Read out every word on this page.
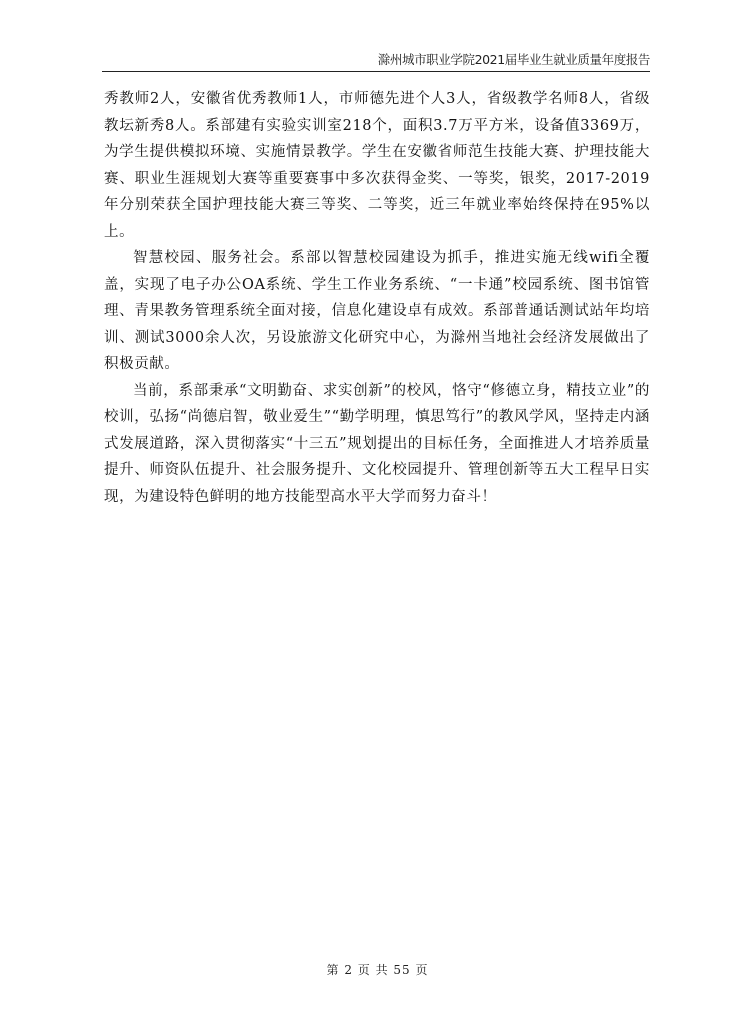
滁州城市职业学院2021届毕业生就业质量年度报告

秀教师2人，安徽省优秀教师1人，市师德先进个人3人，省级教学名师8人，省级教坛新秀8人。系部建有实验实训室218个，面积3.7万平方米，设备值3369万，为学生提供模拟环境、实施情景教学。学生在安徽省师范生技能大赛、护理技能大赛、职业生涯规划大赛等重要赛事中多次获得金奖、一等奖，银奖，2017-2019年分别荣获全国护理技能大赛三等奖、二等奖，近三年就业率始终保持在95%以上。

智慧校园、服务社会。系部以智慧校园建设为抓手，推进实施无线wifi全覆盖，实现了电子办公OA系统、学生工作业务系统、“一卡通”校园系统、图书馆管理、青果教务管理系统全面对接，信息化建设卓有成效。系部普通话测试站年均培训、测试3000余人次，另设旅游文化研究中心，为滁州当地社会经济发展做出了积极贡献。

当前，系部秉承“文明勤奋、求实创新”的校风，恪守“修德立身，精技立业”的校训，弘扬“尚德启智，敬业爱生”“勤学明理，慎思笃行”的教风学风，坚持走内涵式发展道路，深入贯彻落实“十三五”规划提出的目标任务，全面推进人才培养质量提升、师资队伍提升、社会服务提升、文化校园提升、管理创新等五大工程早日实现，为建设特色鲜明的地方技能型高水平大学而努力奋斗！

第 2 页 共 55 页
